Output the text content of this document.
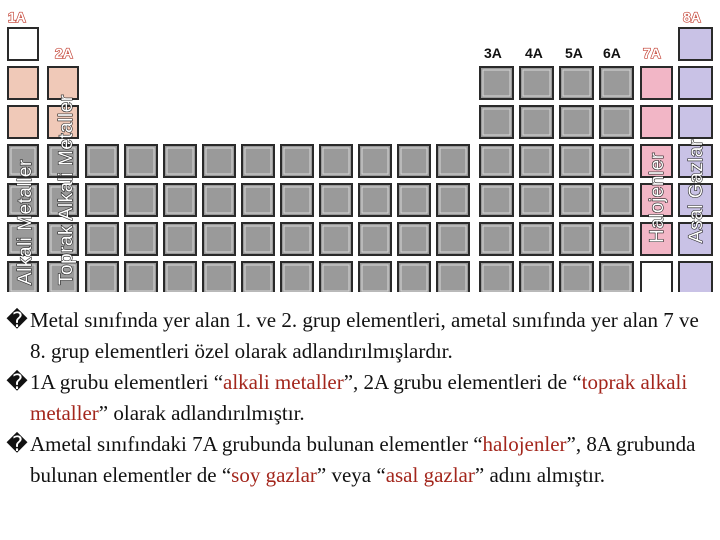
1A	8A
2A	3A 4A 5A 6A 7A
Alkali Metaller Toprak Alkali Metaller	Halojenler Asal Gazlar
� Metal sınıfında yer alan 1. ve 2. grup elementleri, ametal sınıfında yer alan 7 ve 8. grup elementleri özel olarak adlandırılmışlardır.
� 1A grubu elementleri “alkali metaller”, 2A grubu elementleri de “toprak alkali metaller” olarak adlandırılmıştır.
� Ametal sınıfındaki 7A grubunda bulunan elementler “halojenler”, 8A grubunda bulunan elementler de “soy gazlar” veya “asal gazlar” adını almıştır.
